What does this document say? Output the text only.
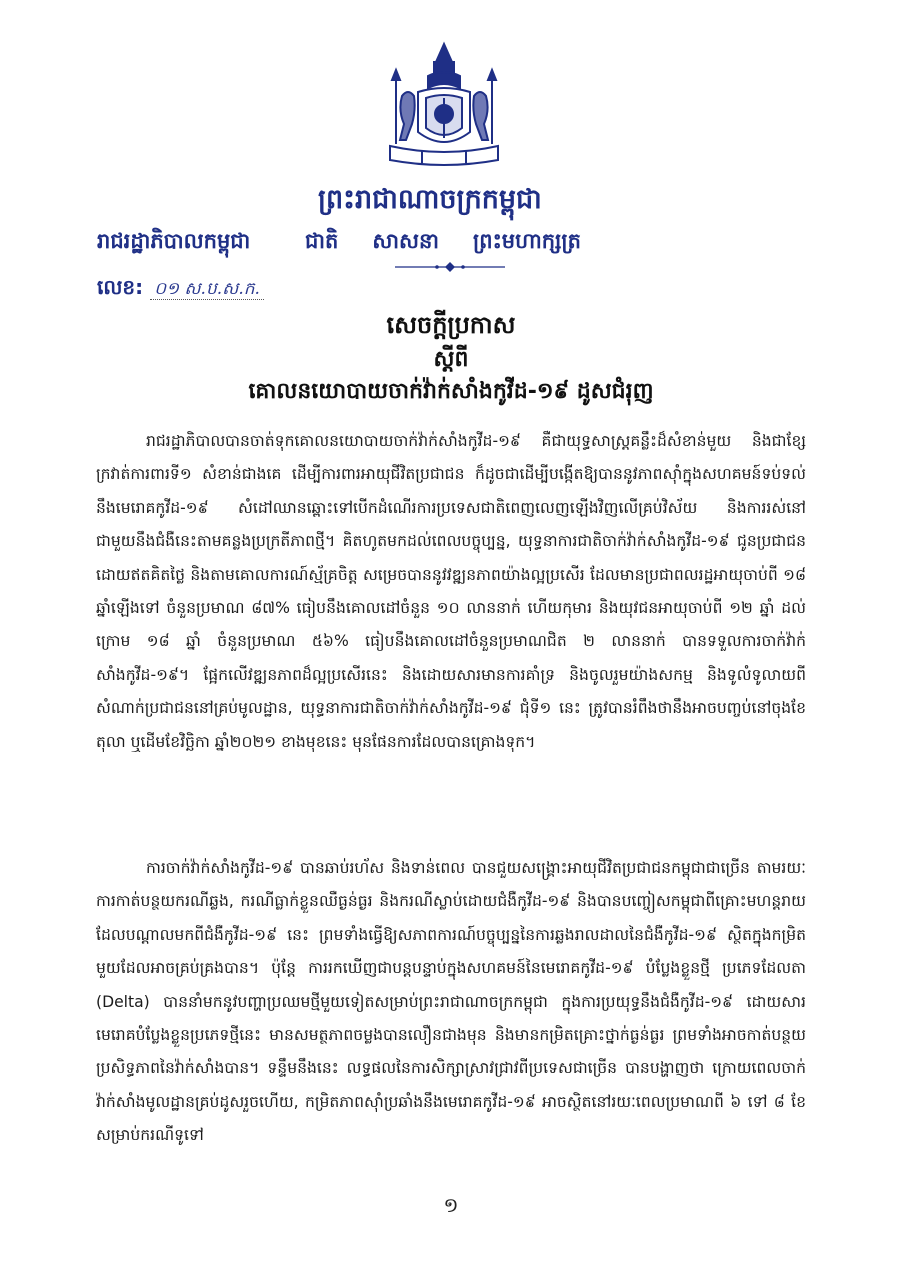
ព្រះរាជាណាចក្រកម្ពុជា
ជាតិ សាសនា ព្រះមហាក្សត្រ
រាជរដ្ឋាភិបាលកម្ពុជា
លេខ: ០១ ស.ប.ស.ក.
សេចក្តីប្រកាស
ស្តីពី
គោលនយោបាយចាក់វ៉ាក់សាំងកូវីដ-១៩ ដូសជំរុញ

រាជរដ្ឋាភិបាលបានចាត់ទុកគោលនយោបាយចាក់វ៉ាក់សាំងកូវីដ-១៩ គឺជាយុទ្ធសាស្ត្រគន្លឹះដ៏សំខាន់មួយ និងជាខ្សែក្រវាត់ការពារទី១ សំខាន់ជាងគេ ដើម្បីការពារអាយុជីវិតប្រជាជន ក៏ដូចជាដើម្បីបង្កើតឱ្យបាននូវភាពស៊ាំក្នុងសហគមន៍ទប់ទល់នឹងមេរោគកូវីដ-១៩ សំដៅឈានឆ្ពោះទៅបើកដំណើរការប្រទេសជាតិពេញលេញឡើងវិញលើគ្រប់វិស័យ និងការរស់នៅជាមួយនឹងជំងឺនេះតាមគន្លងប្រក្រតីភាពថ្មី។ គិតហូតមកដល់ពេលបច្ចុប្បន្ន, យុទ្ធនាការជាតិចាក់វ៉ាក់សាំងកូវីដ-១៩ ជូនប្រជាជនដោយឥតគិតថ្លៃ និងតាមគោលការណ៍ស្ម័គ្រចិត្ត សម្រេចបាននូវវឌ្ឍនភាពយ៉ាងល្អប្រសើរ ដែលមានប្រជាពលរដ្ឋអាយុចាប់ពី ១៨ ឆ្នាំឡើងទៅ ចំនួនប្រមាណ ៨៧% ធៀបនឹងគោលដៅចំនួន ១០ លាននាក់ ហើយកុមារ និងយុវជនអាយុចាប់ពី ១២ ឆ្នាំ ដល់ក្រោម ១៨ ឆ្នាំ ចំនួនប្រមាណ ៥៦% ធៀបនឹងគោលដៅចំនួនប្រមាណជិត ២ លាននាក់ បានទទួលការចាក់វ៉ាក់សាំងកូវីដ-១៩។ ផ្អែកលើវឌ្ឍនភាពដ៏ល្អប្រសើរនេះ និងដោយសារមានការគាំទ្រ និងចូលរួមយ៉ាងសកម្ម និងទូលំទូលាយពីសំណាក់ប្រជាជននៅគ្រប់មូលដ្ឋាន, យុទ្ធនាការជាតិចាក់វ៉ាក់សាំងកូវីដ-១៩ ជុំទី១ នេះ ត្រូវបានរំពឹងថានឹងអាចបញ្ចប់នៅចុងខែតុលា ឬដើមខែវិច្ឆិកា ឆ្នាំ២០២១ ខាងមុខនេះ មុនផែនការដែលបានគ្រោងទុក។

ការចាក់វ៉ាក់សាំងកូវីដ-១៩ បានឆាប់រហ័ស និងទាន់ពេល បានជួយសង្គ្រោះអាយុជីវិតប្រជាជនកម្ពុជាជាច្រើន តាមរយៈការកាត់បន្ថយករណីឆ្លង, ករណីធ្លាក់ខ្លួនឈឺធ្ងន់ធ្ងរ និងករណីស្លាប់ដោយជំងឺកូវីដ-១៩ និងបានបញ្ចៀសកម្ពុជាពីគ្រោះមហន្តរាយដែលបណ្តាលមកពីជំងឺកូវីដ-១៩ នេះ ព្រមទាំងធ្វើឱ្យសភាពការណ៍បច្ចុប្បន្ននៃការឆ្លងរាលដាលនៃជំងឺកូវីដ-១៩ ស្ថិតក្នុងកម្រិតមួយដែលអាចគ្រប់គ្រងបាន។ ប៉ុន្តែ ការរកឃើញជាបន្តបន្ទាប់ក្នុងសហគមន៍នៃមេរោគកូវីដ-១៩ បំប្លែងខ្លួនថ្មី ប្រភេទដែលតា (Delta) បាននាំមកនូវបញ្ហាប្រឈមថ្មីមួយទៀតសម្រាប់ព្រះរាជាណាចក្រកម្ពុជា ក្នុងការប្រយុទ្ធនឹងជំងឺកូវីដ-១៩ ដោយសារមេរោគបំប្លែងខ្លួនប្រភេទថ្មីនេះ មានសមត្ថភាពចម្លងបានលឿនជាងមុន និងមានកម្រិតគ្រោះថ្នាក់ធ្ងន់ធ្ងរ ព្រមទាំងអាចកាត់បន្ថយប្រសិទ្ធភាពនៃវ៉ាក់សាំងបាន។ ទន្ទឹមនឹងនេះ លទ្ធផលនៃការសិក្សាស្រាវជ្រាវពីប្រទេសជាច្រើន បានបង្ហាញថា ក្រោយពេលចាក់វ៉ាក់សាំងមូលដ្ឋានគ្រប់ដូសរួចហើយ, កម្រិតភាពស៊ាំប្រឆាំងនឹងមេរោគកូវីដ-១៩ អាចស្ថិតនៅរយៈពេលប្រមាណពី ៦ ទៅ ៨ ខែ សម្រាប់ករណីទូទៅ

១
